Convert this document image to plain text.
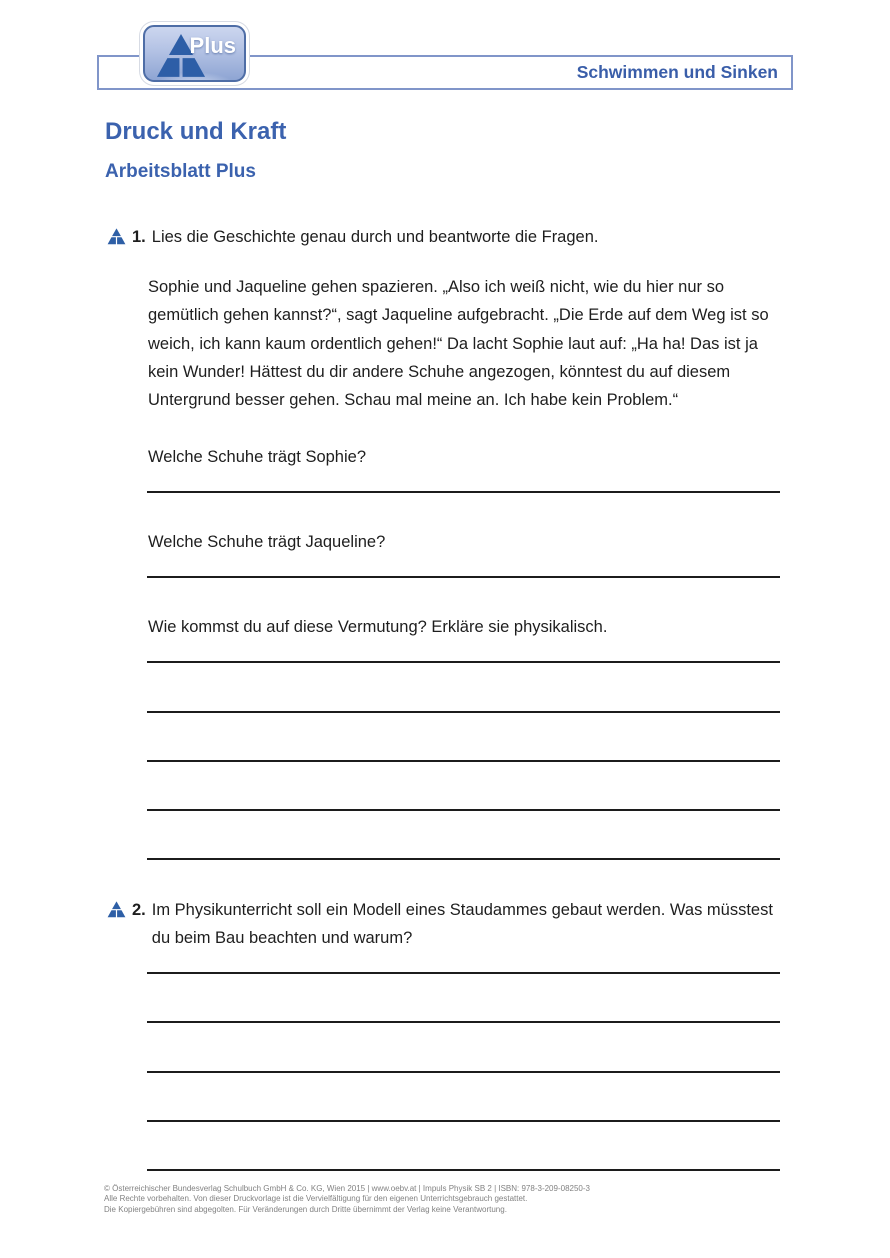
Schwimmen und Sinken
Plus
Druck und Kraft
Arbeitsblatt Plus
1. Lies die Geschichte genau durch und beantworte die Fragen.
Sophie und Jaqueline gehen spazieren. „Also ich weiß nicht, wie du hier nur so
gemütlich gehen kannst?“, sagt Jaqueline aufgebracht. „Die Erde auf dem Weg ist so
weich, ich kann kaum ordentlich gehen!“ Da lacht Sophie laut auf: „Ha ha! Das ist ja
kein Wunder! Hättest du dir andere Schuhe angezogen, könntest du auf diesem
Untergrund besser gehen. Schau mal meine an. Ich habe kein Problem.“
Welche Schuhe trägt Sophie?
Welche Schuhe trägt Jaqueline?
Wie kommst du auf diese Vermutung? Erkläre sie physikalisch.
2. Im Physikunterricht soll ein Modell eines Staudammes gebaut werden. Was müsstest
du beim Bau beachten und warum?
© Österreichischer Bundesverlag Schulbuch GmbH & Co. KG, Wien 2015 | www.oebv.at | Impuls Physik SB 2 | ISBN: 978-3-209-08250-3
Alle Rechte vorbehalten. Von dieser Druckvorlage ist die Vervielfältigung für den eigenen Unterrichtsgebrauch gestattet.
Die Kopiergebühren sind abgegolten. Für Veränderungen durch Dritte übernimmt der Verlag keine Verantwortung.
